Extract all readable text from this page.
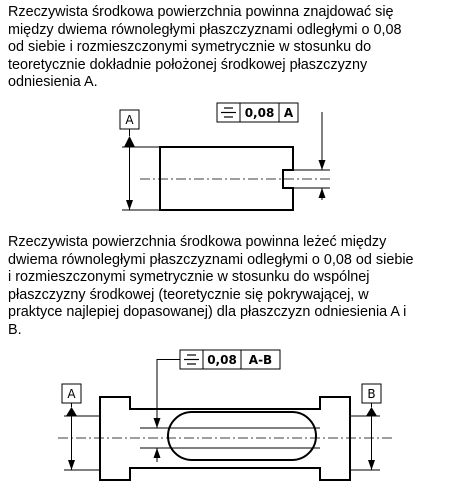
Rzeczywista środkowa powierzchnia powinna znajdować się
między dwiema równoległymi płaszczyznami odległymi o 0,08
od siebie i rozmieszczonymi symetrycznie w stosunku do
teoretycznie dokładnie położonej środkowej płaszczyzny
odniesienia A.
Rzeczywista powierzchnia środkowa powinna leżeć między
dwiema równoległymi płaszczyznami odległymi o 0,08 od siebie
i rozmieszczonymi symetrycznie w stosunku do wspólnej
płaszczyzny środkowej (teoretycznie się pokrywającej, w
praktyce najlepiej dopasowanej) dla płaszczyzn odniesienia A i
B.
A	0,08 A
0,08 A-B
A	B
